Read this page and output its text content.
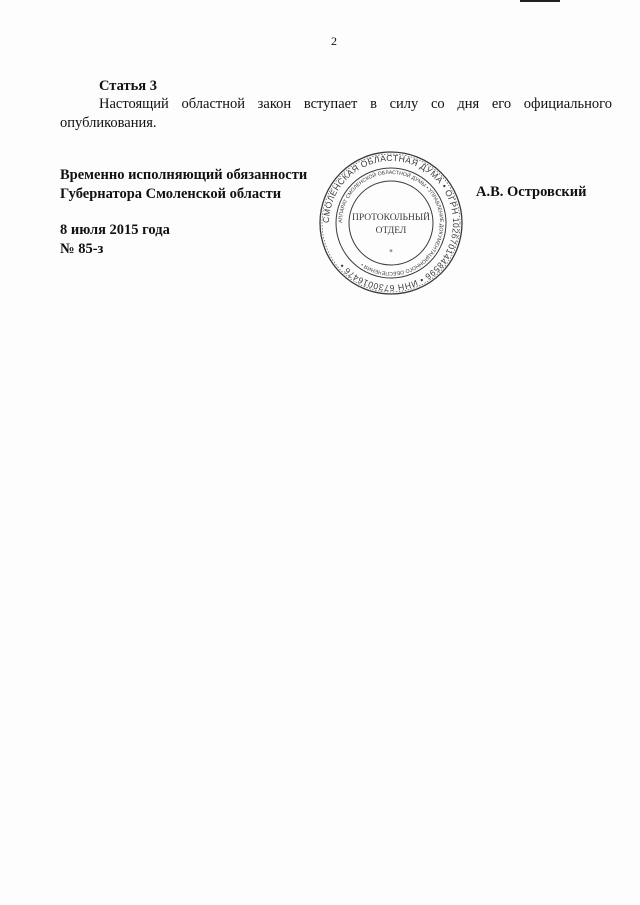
2
Статья 3
Настоящий областной закон вступает в силу со дня его официального опубликования.
Временно исполняющий обязанности
Губернатора Смоленской области	А.В. Островский
8 июля 2015 года
№ 85-з
СМОЛЕНСКАЯ ОБЛАСТНАЯ ДУМА • ОГРН 1026701448596 • ИНН 6730016476 •
АППАРАТ СМОЛЕНСКОЙ ОБЛАСТНОЙ ДУМЫ • УПРАВЛЕНИЕ ДОКУМЕНТАЦИОННОГО ОБЕСПЕЧЕНИЯ •
ПРОТОКОЛЬНЫЙ
ОТДЕЛ
*
